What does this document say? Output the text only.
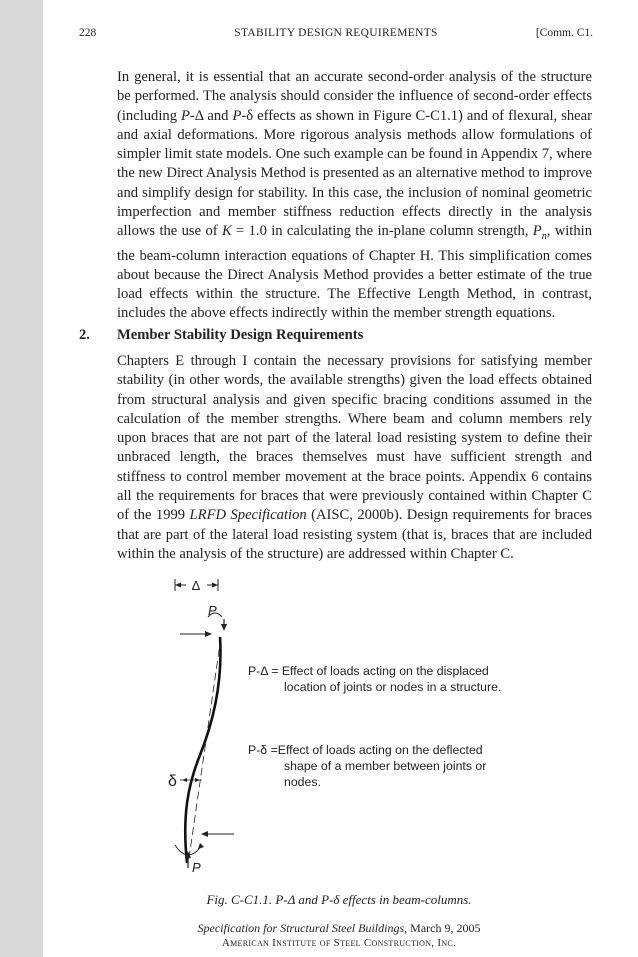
STABILITY DESIGN REQUIREMENTS
228	[Comm. C1.
In general, it is essential that an accurate second-order analysis of the structure be performed. The analysis should consider the influence of second-order effects (including P-Δ and P-δ effects as shown in Figure C-C1.1) and of flexural, shear and axial deformations. More rigorous analysis methods allow formulations of simpler limit state models. One such example can be found in Appendix 7, where the new Direct Analysis Method is presented as an alternative method to improve and simplify design for stability. In this case, the inclusion of nominal geometric imperfection and member stiffness reduction effects directly in the analysis allows the use of K = 1.0 in calculating the in-plane column strength, $P_n$, within the beam-column interaction equations of Chapter H. This simplification comes about because the Direct Analysis Method provides a better estimate of the true load effects within the structure. The Effective Length Method, in contrast, includes the above effects indirectly within the member strength equations.
2. Member Stability Design Requirements
Chapters E through I contain the necessary provisions for satisfying member stability (in other words, the available strengths) given the load effects obtained from structural analysis and given specific bracing conditions assumed in the calculation of the member strengths. Where beam and column members rely upon braces that are not part of the lateral load resisting system to define their unbraced length, the braces themselves must have sufficient strength and stiffness to control member movement at the brace points. Appendix 6 contains all the requirements for braces that were previously contained within Chapter C of the 1999 LRFD Specification (AISC, 2000b). Design requirements for braces that are part of the lateral load resisting system (that is, braces that are included within the analysis of the structure) are addressed within Chapter C.
Δ
P
δ
P
P-Δ = Effect of loads acting on the displaced
location of joints or nodes in a structure.
P-δ =Effect of loads acting on the deflected
shape of a member between joints or
nodes.
Fig. C-C1.1. P-Δ and P-δ effects in beam-columns.
Specification for Structural Steel Buildings, March 9, 2005
American Institute of Steel Construction, Inc.
